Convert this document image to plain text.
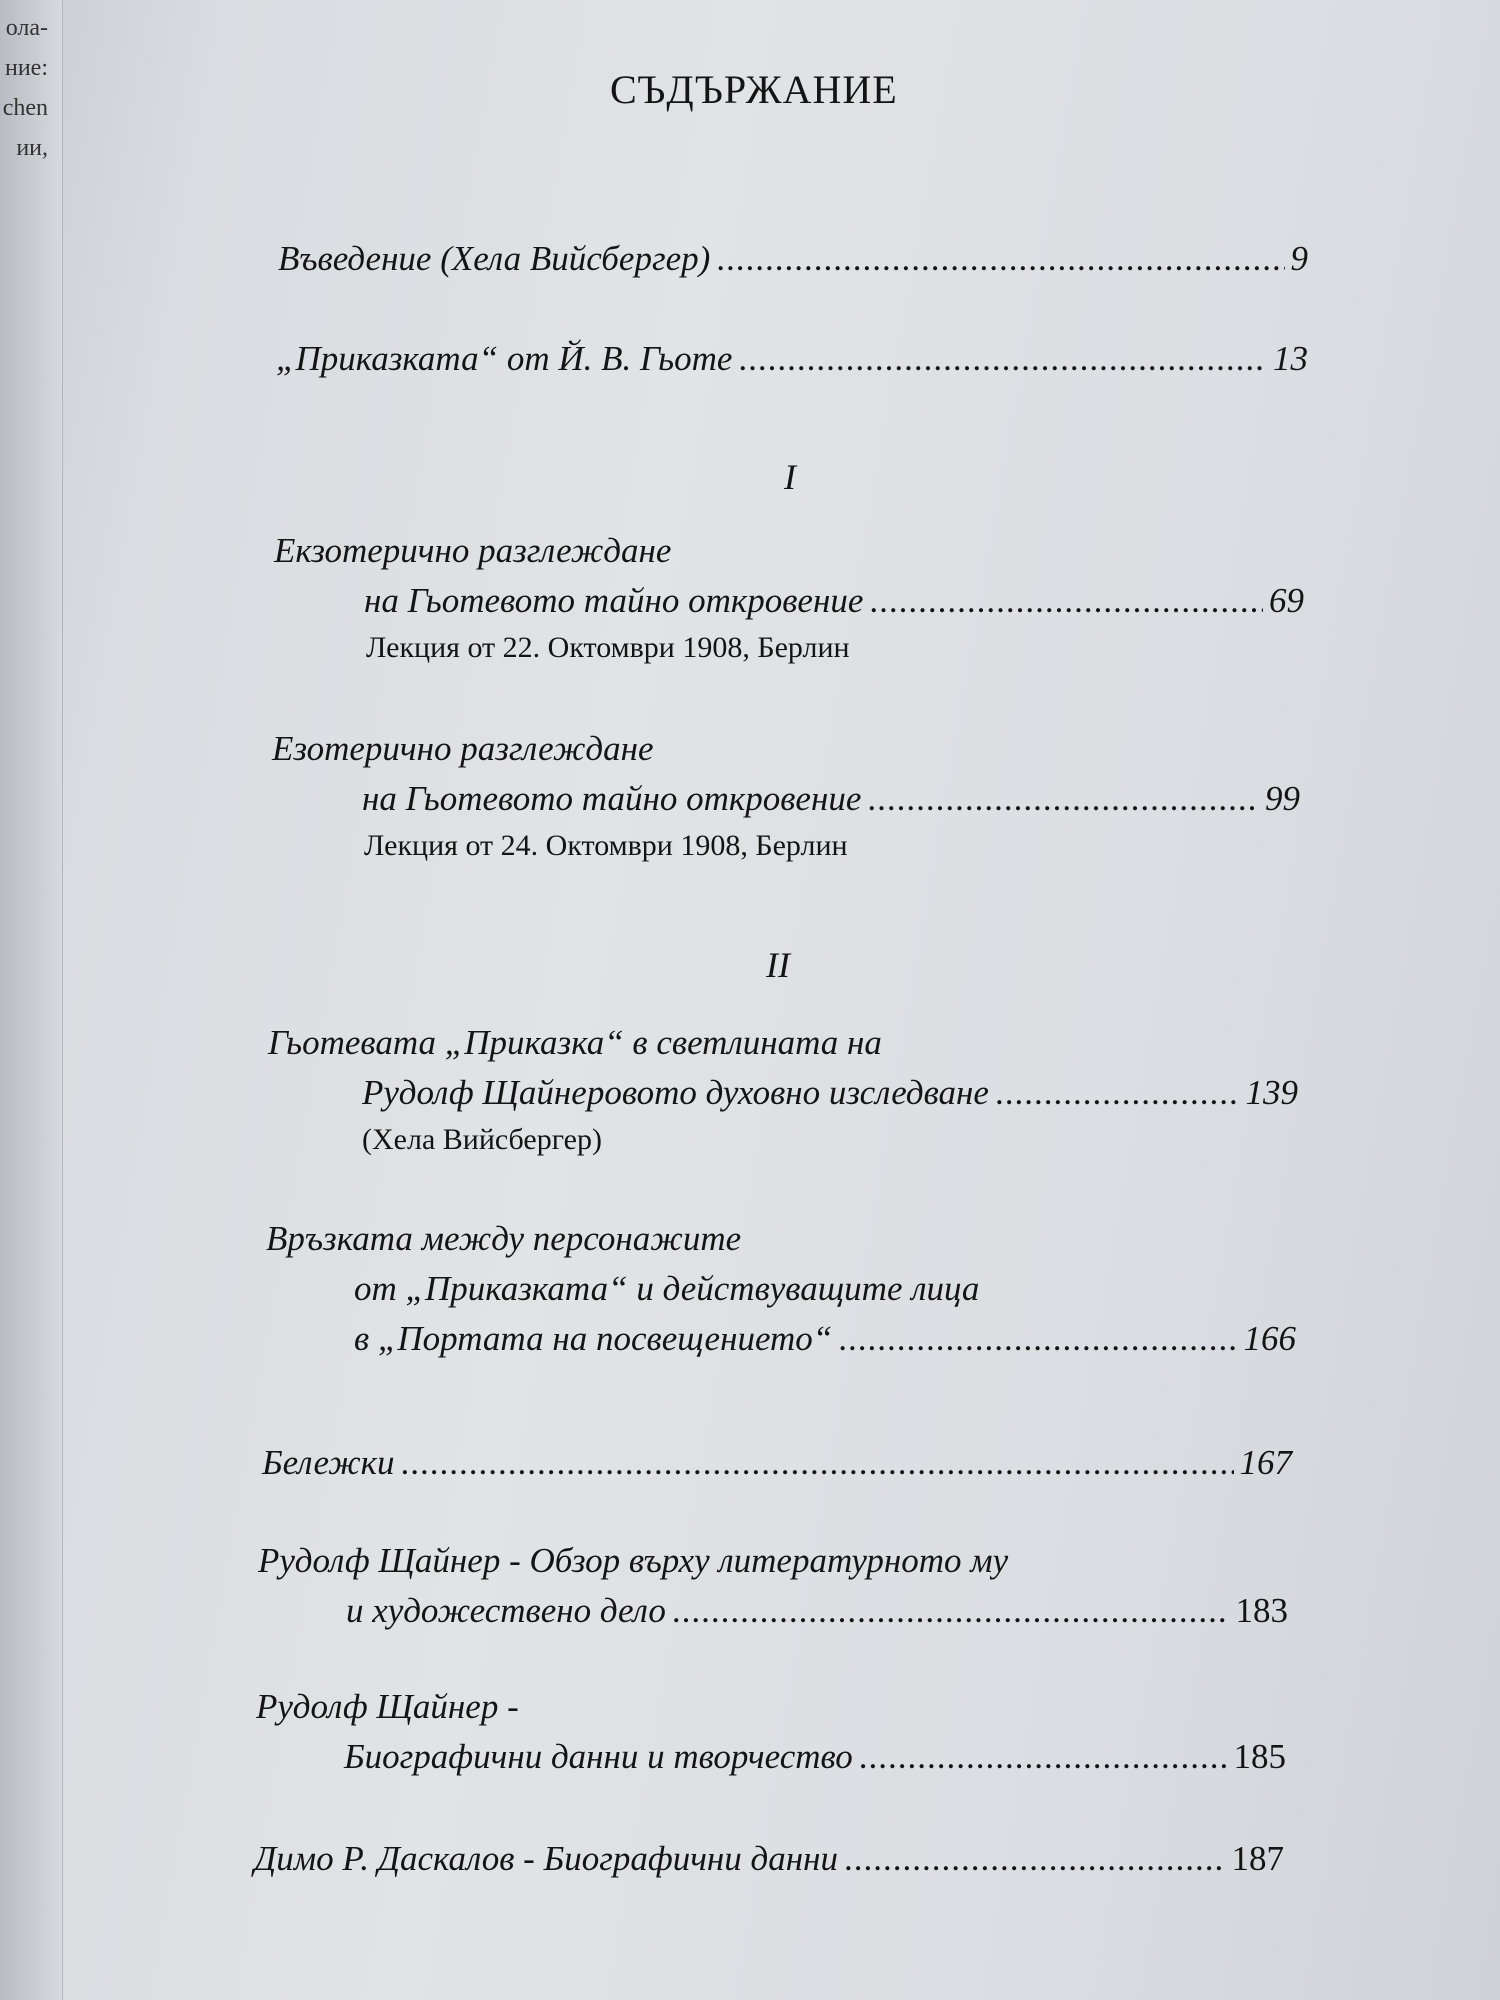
ола-
ние:
chen
ии,
СЪДЪРЖАНИЕ
Въведение (Хела Вийсбергер) .....	9
„Приказката“ от Й. В. Гьоте .....	13
I
Екзотерично разглеждане
на Гьотевото тайно откровение .....	69
Лекция от 22. Октомври 1908, Берлин
Езотерично разглеждане
на Гьотевото тайно откровение .....	99
Лекция от 24. Октомври 1908, Берлин
II
Гьотевата „Приказка“ в светлината на
Рудолф Щайнеровото духовно изследване .....	139
(Хела Вийсбергер)
Връзката между персонажите
от „Приказката“ и действуващите лица
в „Портата на посвещението“ .....	166
Бележки .....	167
Рудолф Щайнер - Обзор върху литературното му
и художествено дело .....	183
Рудолф Щайнер -
Биографични данни и творчество .....	185
Димо Р. Даскалов - Биографични данни .....	187
